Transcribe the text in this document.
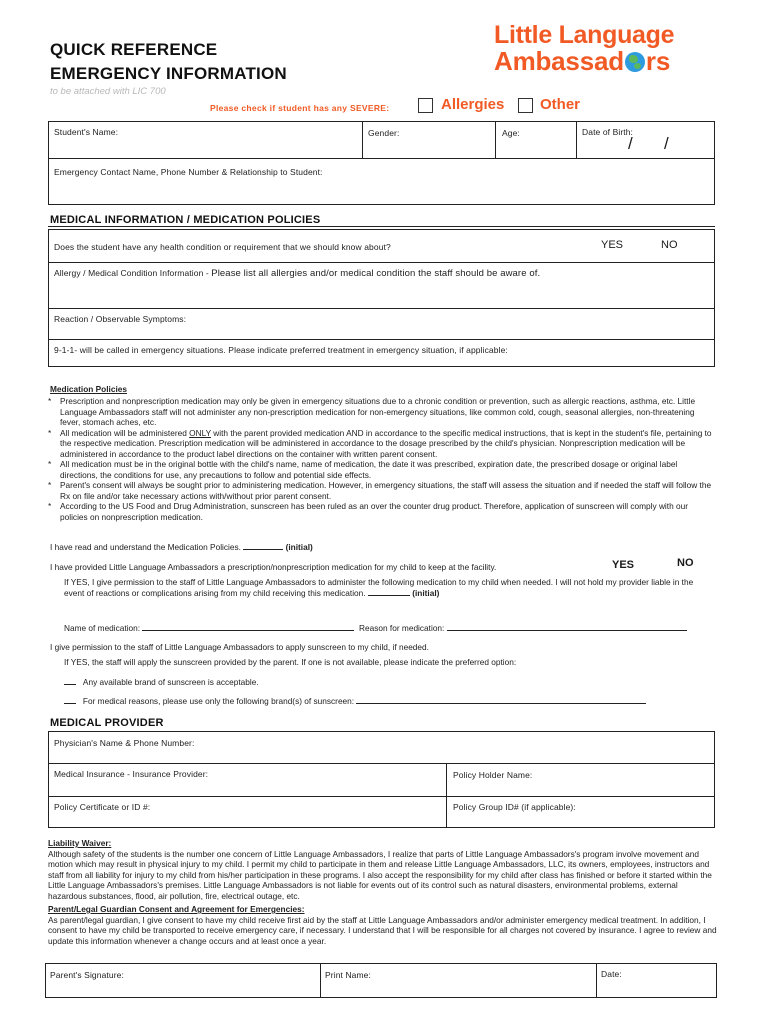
QUICK REFERENCE
EMERGENCY INFORMATION
to be attached with LIC 700
Little Language
Ambassad rs
Please check if student has any SEVERE:	Allergies Other
Student's Name:	Gender:	Age:	Date of Birth:
/ /
Emergency Contact Name, Phone Number & Relationship to Student:
MEDICAL INFORMATION / MEDICATION POLICIES
Does the student have any health condition or requirement that we should know about?	YES	NO
Allergy / Medical Condition Information - Please list all allergies and/or medical condition the staff should be aware of.
Reaction / Observable Symptoms:
9-1-1- will be called in emergency situations. Please indicate preferred treatment in emergency situation, if applicable:
Medication Policies
* Prescription and nonprescription medication may only be given in emergency situations due to a chronic condition or prevention, such as allergic reactions, asthma, etc. Little Language Ambassadors staff will not administer any non-prescription medication for non-emergency situations, like common cold, cough, seasonal allergies, non-threatening fever, stomach aches, etc.
* All medication will be administered ONLY with the parent provided medication AND in accordance to the specific medical instructions, that is kept in the student's file, pertaining to the respective medication. Prescription medication will be administered in accordance to the dosage prescribed by the child's physician. Nonprescription medication will be administered in accordance to the product label directions on the container with written parent consent.
* All medication must be in the original bottle with the child's name, name of medication, the date it was prescribed, expiration date, the prescribed dosage or original label directions, the conditions for use, any precautions to follow and potential side effects.
* Parent's consent will always be sought prior to administering medication. However, in emergency situations, the staff will assess the situation and if needed the staff will follow the Rx on file and/or take necessary actions with/without prior parent consent.
* According to the US Food and Drug Administration, sunscreen has been ruled as an over the counter drug product. Therefore, application of sunscreen will comply with our policies on nonprescription medication.
I have read and understand the Medication Policies.	(initial)
I have provided Little Language Ambassadors a prescription/nonprescription medication for my child to keep at the facility.	YES	NO
If YES, I give permission to the staff of Little Language Ambassadors to administer the following medication to my child when needed. I will not hold my provider liable in the event of reactions or complications arising from my child receiving this medication.	(initial)
Name of medication:	Reason for medication:
I give permission to the staff of Little Language Ambassadors to apply sunscreen to my child, if needed.
If YES, the staff will apply the sunscreen provided by the parent. If one is not available, please indicate the preferred option:
Any available brand of sunscreen is acceptable.
For medical reasons, please use only the following brand(s) of sunscreen:
MEDICAL PROVIDER
Physician's Name & Phone Number:
Medical Insurance - Insurance Provider:	Policy Holder Name:
Policy Certificate or ID #:	Policy Group ID# (if applicable):
Liability Waiver:
Although safety of the students is the number one concern of Little Language Ambassadors, I realize that parts of Little Language Ambassadors's program involve movement and motion which may result in physical injury to my child. I permit my child to participate in them and release Little Language Ambassadors, LLC, its owners, employees, instructors and staff from all liability for injury to my child from his/her participation in these programs. I also accept the responsibility for my child after class has finished or before it started within the Little Language Ambassadors's premises. Little Language Ambassadors is not liable for events out of its control such as natural disasters, environmental problems, external hazardous substances, flood, air pollution, fire, electrical outage, etc.
Parent/Legal Guardian Consent and Agreement for Emergencies:
As parent/legal guardian, I give consent to have my child receive first aid by the staff at Little Language Ambassadors and/or administer emergency medical treatment. In addition, I consent to have my child be transported to receive emergency care, if necessary. I understand that I will be responsible for all charges not covered by insurance. I agree to review and update this information whenever a change occurs and at least once a year.
Parent's Signature:	Print Name:	Date:
